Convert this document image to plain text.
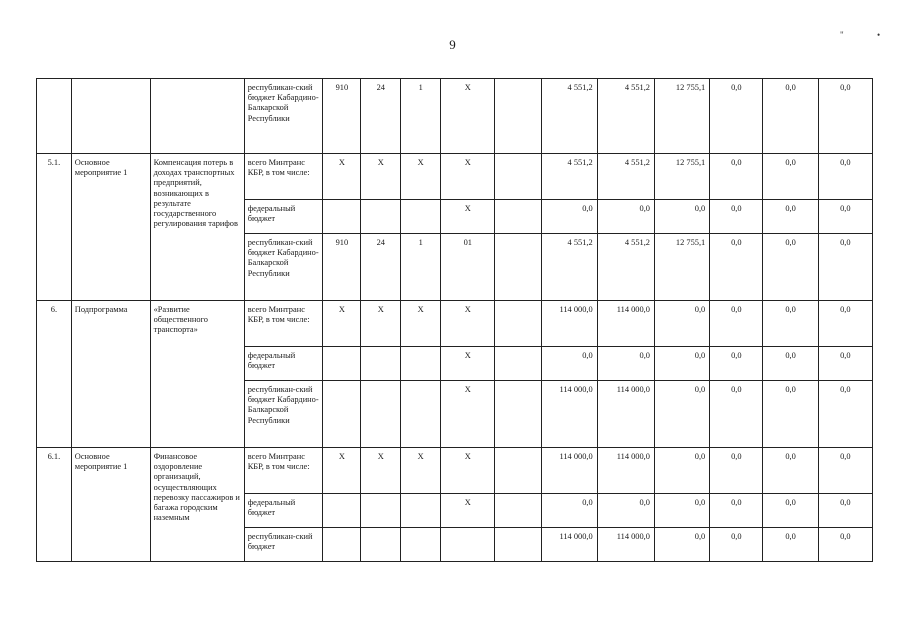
9
"	•
			республикан-ский бюджет Кабардино-Балкарской Республики	910	24	1	Х		4 551,2	4 551,2	12 755,1	0,0	0,0	0,0
5.1.	Основное мероприятие 1	Компенсация потерь в доходах транспортных предприятий, возникающих в результате государственного регулирования тарифов	всего Минтранс КБР, в том числе:	Х	Х	Х	Х		4 551,2	4 551,2	12 755,1	0,0	0,0	0,0
			федеральный бюджет				Х		0,0	0,0	0,0	0,0	0,0	0,0
			республикан-ский бюджет Кабардино-Балкарской Республики	910	24	1	01		4 551,2	4 551,2	12 755,1	0,0	0,0	0,0
6.	Подпрограмма	«Развитие общественного транспорта»	всего Минтранс КБР, в том числе:	Х	Х	Х	Х		114 000,0	114 000,0	0,0	0,0	0,0	0,0
			федеральный бюджет				Х		0,0	0,0	0,0	0,0	0,0	0,0
			республикан-ский бюджет Кабардино-Балкарской Республики				Х		114 000,0	114 000,0	0,0	0,0	0,0	0,0
6.1.	Основное мероприятие 1	Финансовое оздоровление организаций, осуществляющих перевозку пассажиров и багажа городским наземным	всего Минтранс КБР, в том числе:	Х	Х	Х	Х		114 000,0	114 000,0	0,0	0,0	0,0	0,0
			федеральный бюджет				Х		0,0	0,0	0,0	0,0	0,0	0,0
			республикан-ский бюджет						114 000,0	114 000,0	0,0	0,0	0,0	0,0
